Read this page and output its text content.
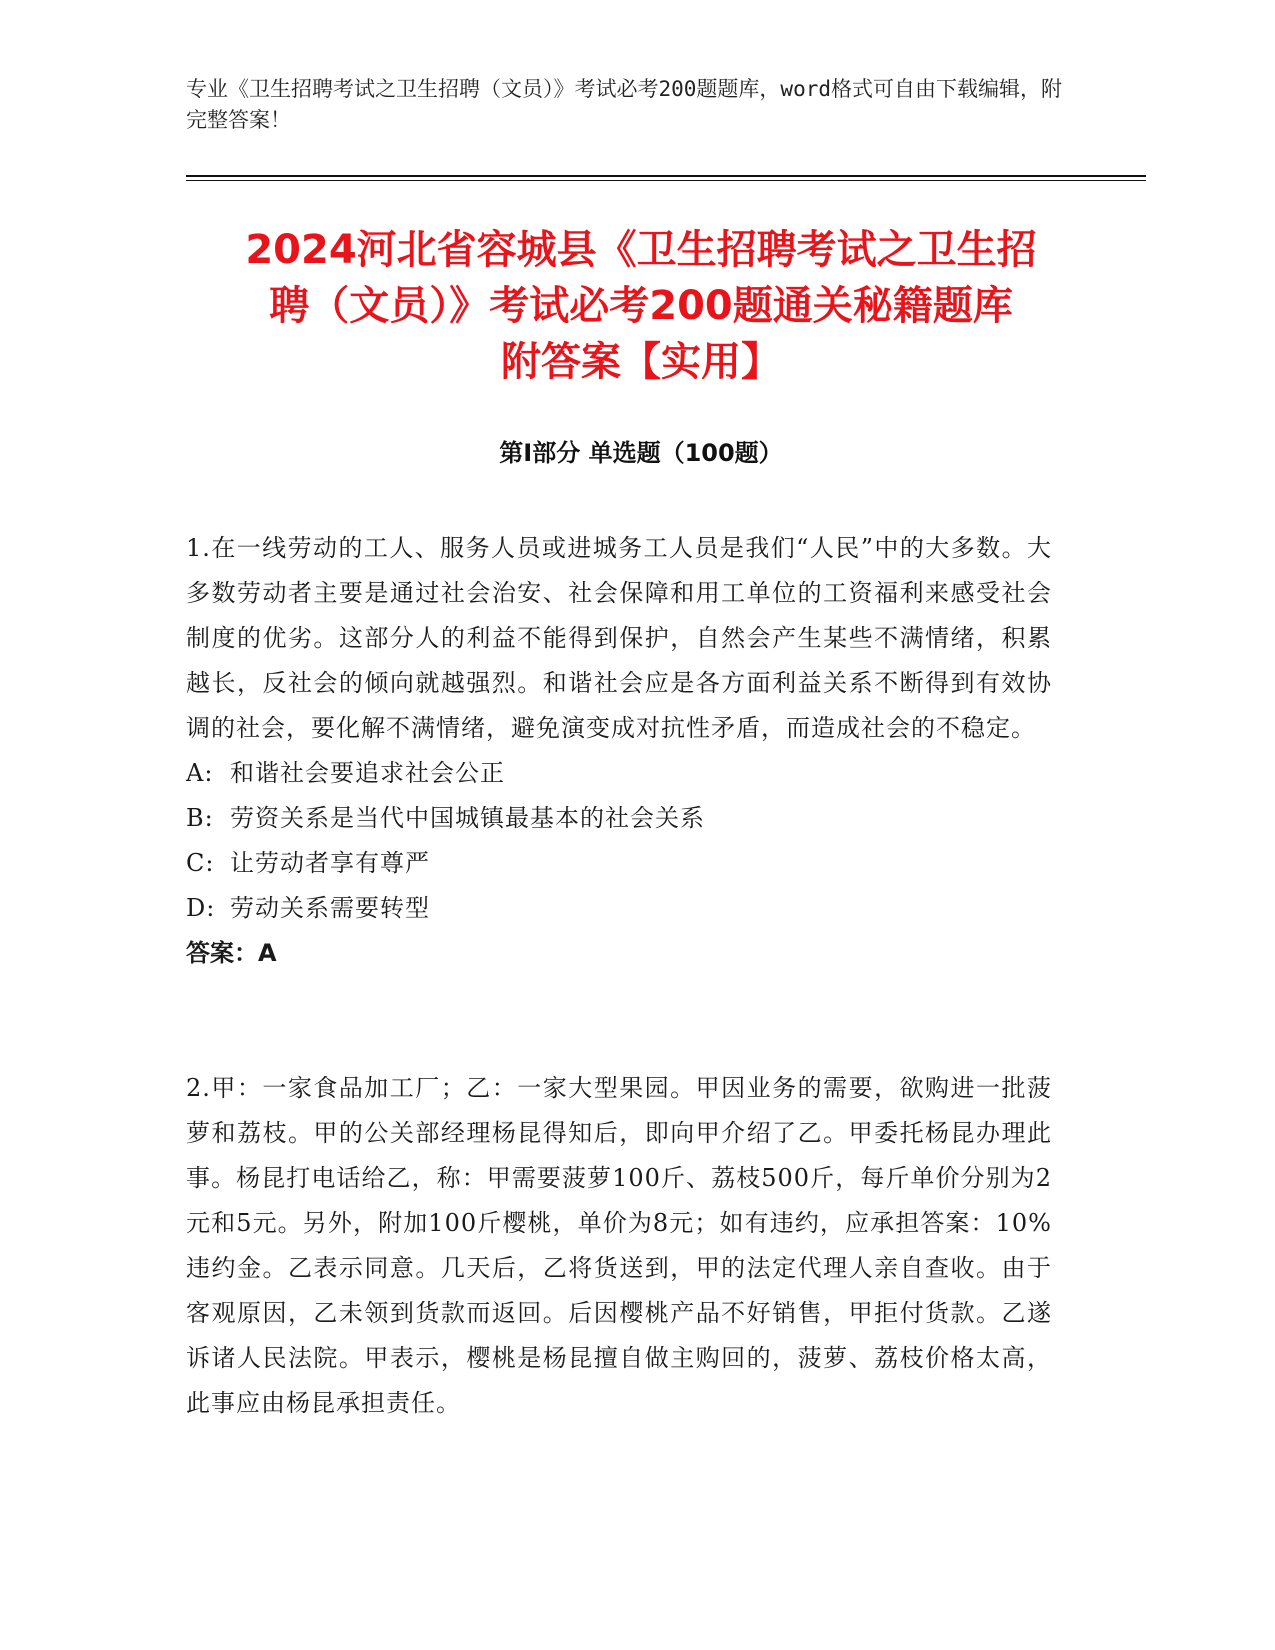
专业《卫生招聘考试之卫生招聘（文员）》考试必考200题题库，word格式可自由下载编辑，附完整答案！
2024河北省容城县《卫生招聘考试之卫生招
聘（文员）》考试必考200题通关秘籍题库
附答案【实用】
第I部分 单选题（100题）
1.在一线劳动的工人、服务人员或进城务工人员是我们“人民”中的大多数。大多数劳动者主要是通过社会治安、社会保障和用工单位的工资福利来感受社会制度的优劣。这部分人的利益不能得到保护，自然会产生某些不满情绪，积累越长，反社会的倾向就越强烈。和谐社会应是各方面利益关系不断得到有效协调的社会，要化解不满情绪，避免演变成对抗性矛盾，而造成社会的不稳定。
A: 和谐社会要追求社会公正
B: 劳资关系是当代中国城镇最基本的社会关系
C: 让劳动者享有尊严
D: 劳动关系需要转型
答案：A
2.甲：一家食品加工厂；乙：一家大型果园。甲因业务的需要，欲购进一批菠萝和荔枝。甲的公关部经理杨昆得知后，即向甲介绍了乙。甲委托杨昆办理此事。杨昆打电话给乙，称：甲需要菠萝100斤、荔枝500斤，每斤单价分别为2元和5元。另外，附加100斤樱桃，单价为8元；如有违约，应承担答案：10%违约金。乙表示同意。几天后，乙将货送到，甲的法定代理人亲自查收。由于客观原因，乙未领到货款而返回。后因樱桃产品不好销售，甲拒付货款。乙遂诉诸人民法院。甲表示，樱桃是杨昆擅自做主购回的，菠萝、荔枝价格太高，此事应由杨昆承担责任。
